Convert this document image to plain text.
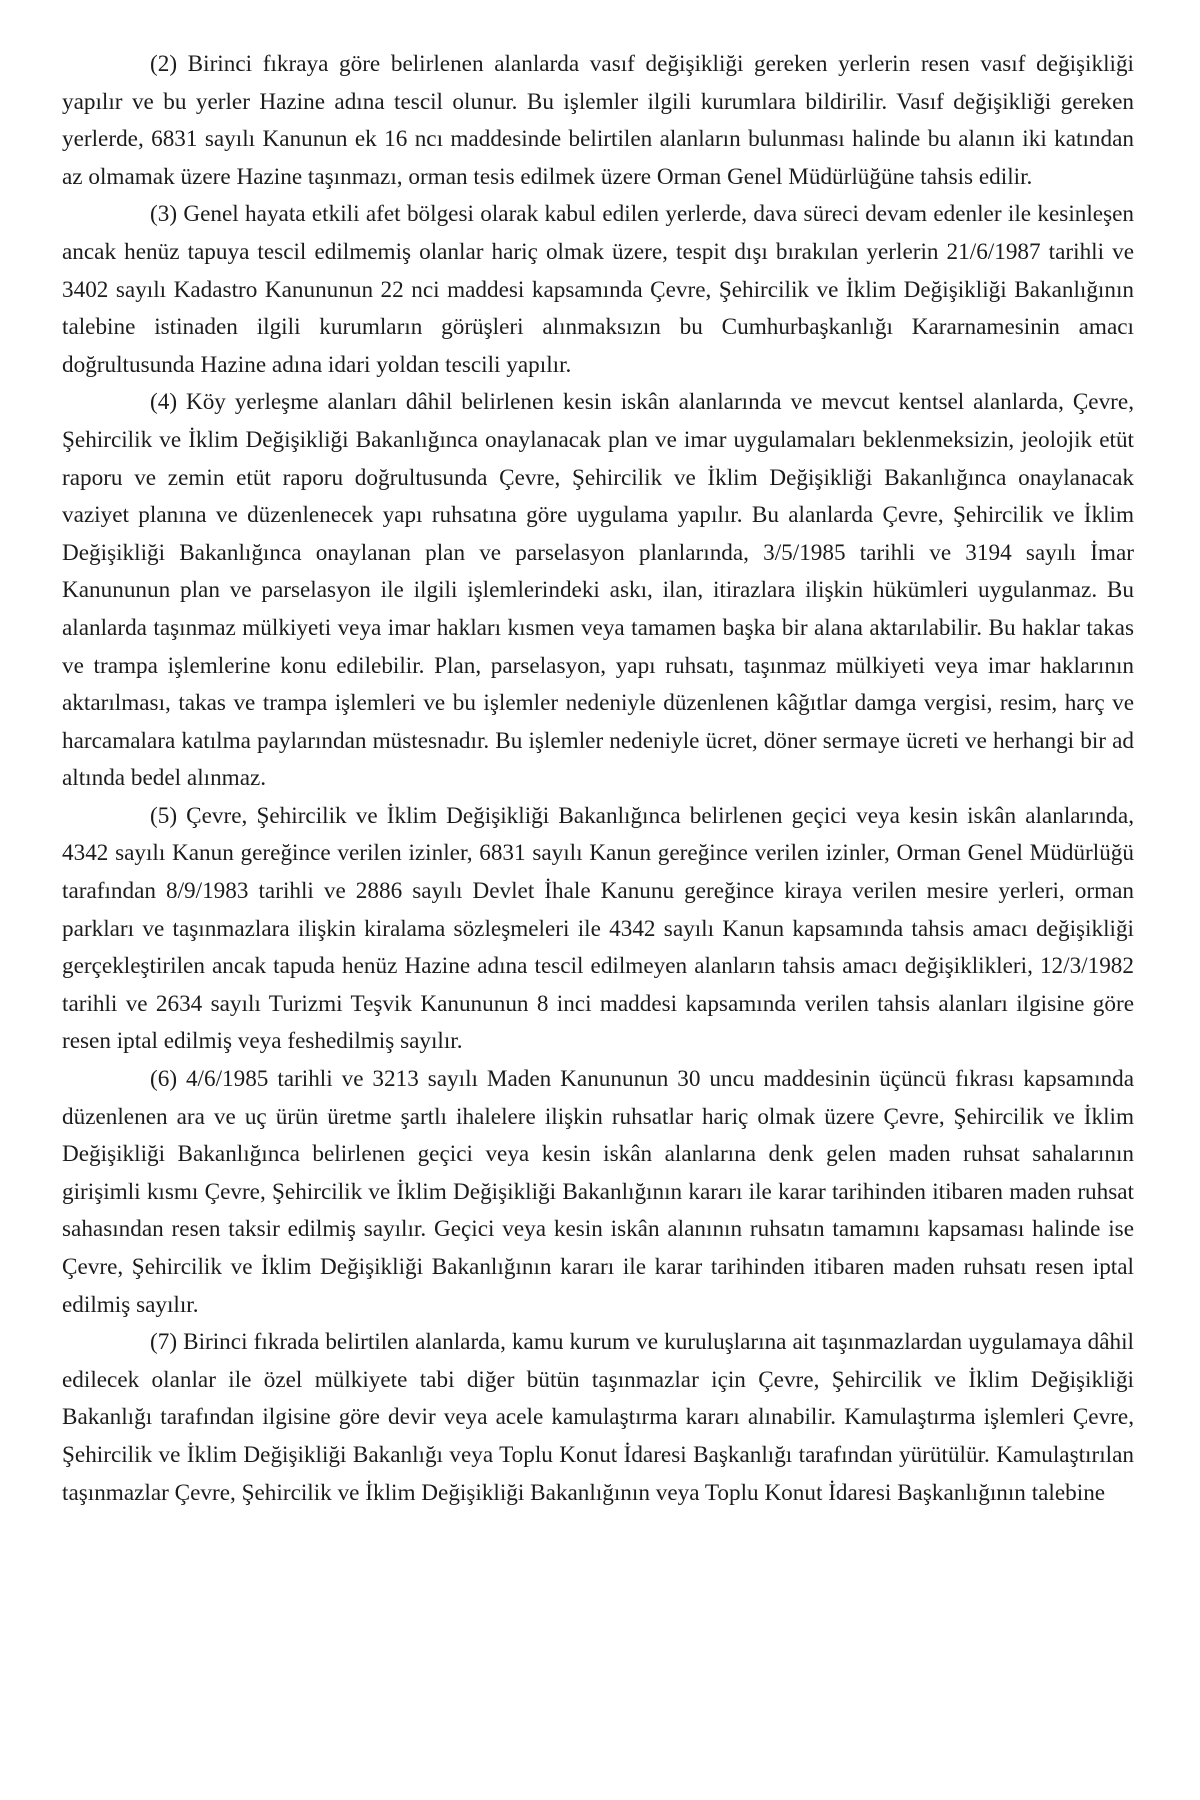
(2) Birinci fıkraya göre belirlenen alanlarda vasıf değişikliği gereken yerlerin resen vasıf değişikliği yapılır ve bu yerler Hazine adına tescil olunur. Bu işlemler ilgili kurumlara bildirilir. Vasıf değişikliği gereken yerlerde, 6831 sayılı Kanunun ek 16 ncı maddesinde belirtilen alanların bulunması halinde bu alanın iki katından az olmamak üzere Hazine taşınmazı, orman tesis edilmek üzere Orman Genel Müdürlüğüne tahsis edilir.

(3) Genel hayata etkili afet bölgesi olarak kabul edilen yerlerde, dava süreci devam edenler ile kesinleşen ancak henüz tapuya tescil edilmemiş olanlar hariç olmak üzere, tespit dışı bırakılan yerlerin 21/6/1987 tarihli ve 3402 sayılı Kadastro Kanununun 22 nci maddesi kapsamında Çevre, Şehircilik ve İklim Değişikliği Bakanlığının talebine istinaden ilgili kurumların görüşleri alınmaksızın bu Cumhurbaşkanlığı Kararnamesinin amacı doğrultusunda Hazine adına idari yoldan tescili yapılır.

(4) Köy yerleşme alanları dâhil belirlenen kesin iskân alanlarında ve mevcut kentsel alanlarda, Çevre, Şehircilik ve İklim Değişikliği Bakanlığınca onaylanacak plan ve imar uygulamaları beklenmeksizin, jeolojik etüt raporu ve zemin etüt raporu doğrultusunda Çevre, Şehircilik ve İklim Değişikliği Bakanlığınca onaylanacak vaziyet planına ve düzenlenecek yapı ruhsatına göre uygulama yapılır. Bu alanlarda Çevre, Şehircilik ve İklim Değişikliği Bakanlığınca onaylanan plan ve parselasyon planlarında, 3/5/1985 tarihli ve 3194 sayılı İmar Kanununun plan ve parselasyon ile ilgili işlemlerindeki askı, ilan, itirazlara ilişkin hükümleri uygulanmaz. Bu alanlarda taşınmaz mülkiyeti veya imar hakları kısmen veya tamamen başka bir alana aktarılabilir. Bu haklar takas ve trampa işlemlerine konu edilebilir. Plan, parselasyon, yapı ruhsatı, taşınmaz mülkiyeti veya imar haklarının aktarılması, takas ve trampa işlemleri ve bu işlemler nedeniyle düzenlenen kâğıtlar damga vergisi, resim, harç ve harcamalara katılma paylarından müstesnadır. Bu işlemler nedeniyle ücret, döner sermaye ücreti ve herhangi bir ad altında bedel alınmaz.

(5) Çevre, Şehircilik ve İklim Değişikliği Bakanlığınca belirlenen geçici veya kesin iskân alanlarında, 4342 sayılı Kanun gereğince verilen izinler, 6831 sayılı Kanun gereğince verilen izinler, Orman Genel Müdürlüğü tarafından 8/9/1983 tarihli ve 2886 sayılı Devlet İhale Kanunu gereğince kiraya verilen mesire yerleri, orman parkları ve taşınmazlara ilişkin kiralama sözleşmeleri ile 4342 sayılı Kanun kapsamında tahsis amacı değişikliği gerçekleştirilen ancak tapuda henüz Hazine adına tescil edilmeyen alanların tahsis amacı değişiklikleri, 12/3/1982 tarihli ve 2634 sayılı Turizmi Teşvik Kanununun 8 inci maddesi kapsamında verilen tahsis alanları ilgisine göre resen iptal edilmiş veya feshedilmiş sayılır.

(6) 4/6/1985 tarihli ve 3213 sayılı Maden Kanununun 30 uncu maddesinin üçüncü fıkrası kapsamında düzenlenen ara ve uç ürün üretme şartlı ihalelere ilişkin ruhsatlar hariç olmak üzere Çevre, Şehircilik ve İklim Değişikliği Bakanlığınca belirlenen geçici veya kesin iskân alanlarına denk gelen maden ruhsat sahalarının girişimli kısmı Çevre, Şehircilik ve İklim Değişikliği Bakanlığının kararı ile karar tarihinden itibaren maden ruhsat sahasından resen taksir edilmiş sayılır. Geçici veya kesin iskân alanının ruhsatın tamamını kapsaması halinde ise Çevre, Şehircilik ve İklim Değişikliği Bakanlığının kararı ile karar tarihinden itibaren maden ruhsatı resen iptal edilmiş sayılır.

(7) Birinci fıkrada belirtilen alanlarda, kamu kurum ve kuruluşlarına ait taşınmazlardan uygulamaya dâhil edilecek olanlar ile özel mülkiyete tabi diğer bütün taşınmazlar için Çevre, Şehircilik ve İklim Değişikliği Bakanlığı tarafından ilgisine göre devir veya acele kamulaştırma kararı alınabilir. Kamulaştırma işlemleri Çevre, Şehircilik ve İklim Değişikliği Bakanlığı veya Toplu Konut İdaresi Başkanlığı tarafından yürütülür. Kamulaştırılan taşınmazlar Çevre, Şehircilik ve İklim Değişikliği Bakanlığının veya Toplu Konut İdaresi Başkanlığının talebine
